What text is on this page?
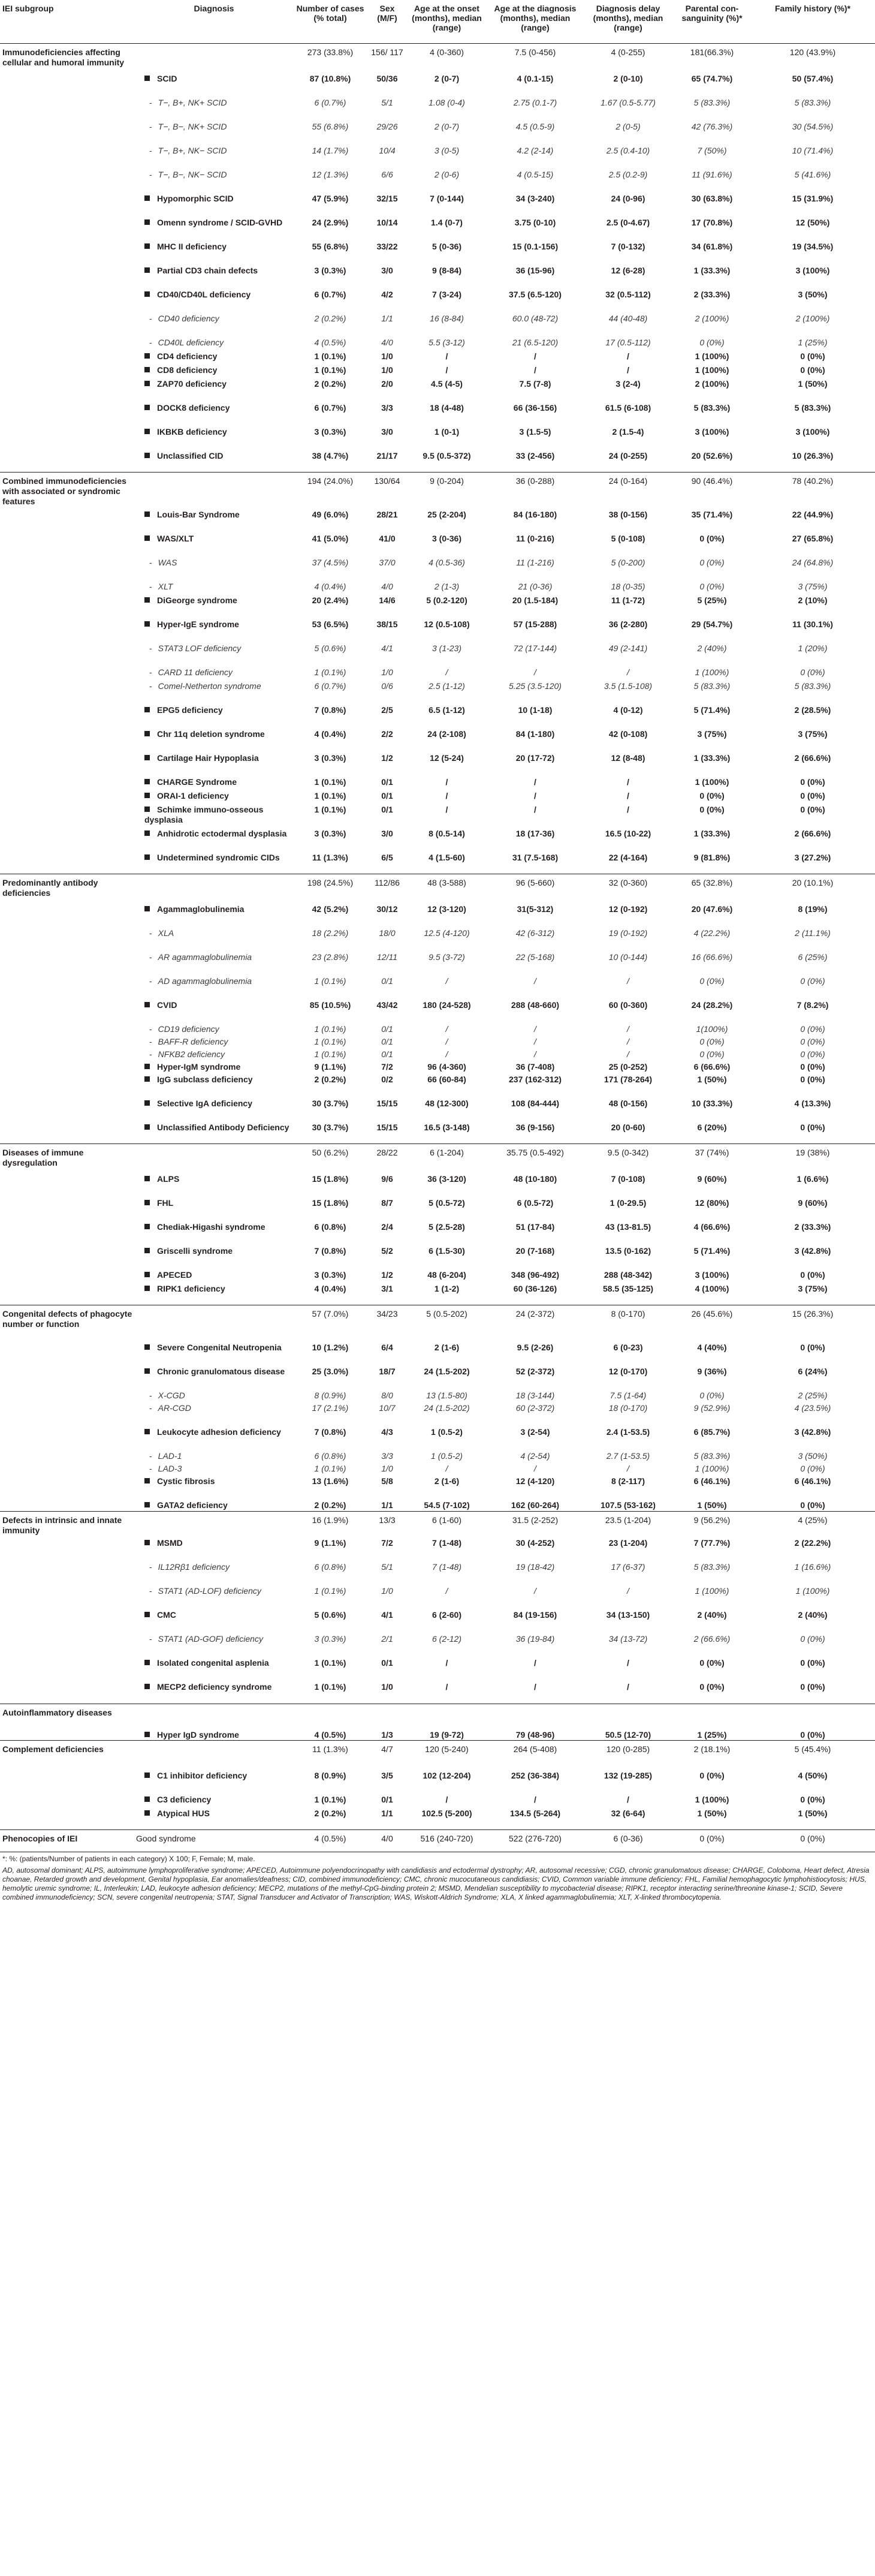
IEI subgroup	Diagnosis	Number of cases (% total)	Sex (M/F)	Age at the onset (months), median (range)	Age at the diagnosis (months), median (range)	Diagnosis delay (months), median (range)	Parental con-sanguinity (%)*	Family history (%)*
Immunodeficiencies affecting cellular and humoral immunity		273 (33.8%)	156/ 117	4 (0-360)	7.5 (0-456)	4 (0-255)	181(66.3%)	120 (43.9%)
	SCID	87 (10.8%)	50/36	2 (0-7)	4 (0.1-15)	2 (0-10)	65 (74.7%)	50 (57.4%)
	- T−, B+, NK+ SCID	6 (0.7%)	5/1	1.08 (0-4)	2.75 (0.1-7)	1.67 (0.5-5.77)	5 (83.3%)	5 (83.3%)
	- T−, B−, NK+ SCID	55 (6.8%)	29/26	2 (0-7)	4.5 (0.5-9)	2 (0-5)	42 (76.3%)	30 (54.5%)
	- T−, B+, NK− SCID	14 (1.7%)	10/4	3 (0-5)	4.2 (2-14)	2.5 (0.4-10)	7 (50%)	10 (71.4%)
	- T−, B−, NK− SCID	12 (1.3%)	6/6	2 (0-6)	4 (0.5-15)	2.5 (0.2-9)	11 (91.6%)	5 (41.6%)
	Hypomorphic SCID	47 (5.9%)	32/15	7 (0-144)	34 (3-240)	24 (0-96)	30 (63.8%)	15 (31.9%)
	Omenn syndrome / SCID-GVHD	24 (2.9%)	10/14	1.4 (0-7)	3.75 (0-10)	2.5 (0-4.67)	17 (70.8%)	12 (50%)
	MHC II deficiency	55 (6.8%)	33/22	5 (0-36)	15 (0.1-156)	7 (0-132)	34 (61.8%)	19 (34.5%)
	Partial CD3 chain defects	3 (0.3%)	3/0	9 (8-84)	36 (15-96)	12 (6-28)	1 (33.3%)	3 (100%)
	CD40/CD40L deficiency	6 (0.7%)	4/2	7 (3-24)	37.5 (6.5-120)	32 (0.5-112)	2 (33.3%)	3 (50%)
	- CD40 deficiency	2 (0.2%)	1/1	16 (8-84)	60.0 (48-72)	44 (40-48)	2 (100%)	2 (100%)
	- CD40L deficiency	4 (0.5%)	4/0	5.5 (3-12)	21 (6.5-120)	17 (0.5-112)	0 (0%)	1 (25%)
	CD4 deficiency	1 (0.1%)	1/0	/	/	/	1 (100%)	0 (0%)
	CD8 deficiency	1 (0.1%)	1/0	/	/	/	1 (100%)	0 (0%)
	ZAP70 deficiency	2 (0.2%)	2/0	4.5 (4-5)	7.5 (7-8)	3 (2-4)	2 (100%)	1 (50%)
	DOCK8 deficiency	6 (0.7%)	3/3	18 (4-48)	66 (36-156)	61.5 (6-108)	5 (83.3%)	5 (83.3%)
	IKBKB deficiency	3 (0.3%)	3/0	1 (0-1)	3 (1.5-5)	2 (1.5-4)	3 (100%)	3 (100%)
	Unclassified CID	38 (4.7%)	21/17	9.5 (0.5-372)	33 (2-456)	24 (0-255)	20 (52.6%)	10 (26.3%)
Combined immunodeficiencies with associated or syndromic features		194 (24.0%)	130/64	9 (0-204)	36 (0-288)	24 (0-164)	90 (46.4%)	78 (40.2%)
	Louis-Bar Syndrome	49 (6.0%)	28/21	25 (2-204)	84 (16-180)	38 (0-156)	35 (71.4%)	22 (44.9%)
	WAS/XLT	41 (5.0%)	41/0	3 (0-36)	11 (0-216)	5 (0-108)	0 (0%)	27 (65.8%)
	- WAS	37 (4.5%)	37/0	4 (0.5-36)	11 (1-216)	5 (0-200)	0 (0%)	24 (64.8%)
	- XLT	4 (0.4%)	4/0	2 (1-3)	21 (0-36)	18 (0-35)	0 (0%)	3 (75%)
	DiGeorge syndrome	20 (2.4%)	14/6	5 (0.2-120)	20 (1.5-184)	11 (1-72)	5 (25%)	2 (10%)
	Hyper-IgE syndrome	53 (6.5%)	38/15	12 (0.5-108)	57 (15-288)	36 (2-280)	29 (54.7%)	11 (30.1%)
	- STAT3 LOF deficiency	5 (0.6%)	4/1	3 (1-23)	72 (17-144)	49 (2-141)	2 (40%)	1 (20%)
	- CARD 11 deficiency	1 (0.1%)	1/0	/	/	/	1 (100%)	0 (0%)
	- Comel-Netherton syndrome	6 (0.7%)	0/6	2.5 (1-12)	5.25 (3.5-120)	3.5 (1.5-108)	5 (83.3%)	5 (83.3%)
	EPG5 deficiency	7 (0.8%)	2/5	6.5 (1-12)	10 (1-18)	4 (0-12)	5 (71.4%)	2 (28.5%)
	Chr 11q deletion syndrome	4 (0.4%)	2/2	24 (2-108)	84 (1-180)	42 (0-108)	3 (75%)	3 (75%)
	Cartilage Hair Hypoplasia	3 (0.3%)	1/2	12 (5-24)	20 (17-72)	12 (8-48)	1 (33.3%)	2 (66.6%)
	CHARGE Syndrome	1 (0.1%)	0/1	/	/	/	1 (100%)	0 (0%)
	ORAI-1 deficiency	1 (0.1%)	0/1	/	/	/	0 (0%)	0 (0%)
	Schimke immuno-osseous dysplasia	1 (0.1%)	0/1	/	/	/	0 (0%)	0 (0%)
	Anhidrotic ectodermal dysplasia	3 (0.3%)	3/0	8 (0.5-14)	18 (17-36)	16.5 (10-22)	1 (33.3%)	2 (66.6%)
	Undetermined syndromic CIDs	11 (1.3%)	6/5	4 (1.5-60)	31 (7.5-168)	22 (4-164)	9 (81.8%)	3 (27.2%)
Predominantly antibody deficiencies		198 (24.5%)	112/86	48 (3-588)	96 (5-660)	32 (0-360)	65 (32.8%)	20 (10.1%)
	Agammaglobulinemia	42 (5.2%)	30/12	12 (3-120)	31(5-312)	12 (0-192)	20 (47.6%)	8 (19%)
	- XLA	18 (2.2%)	18/0	12.5 (4-120)	42 (6-312)	19 (0-192)	4 (22.2%)	2 (11.1%)
	- AR agammaglobulinemia	23 (2.8%)	12/11	9.5 (3-72)	22 (5-168)	10 (0-144)	16 (66.6%)	6 (25%)
	- AD agammaglobulinemia	1 (0.1%)	0/1	/	/	/	0 (0%)	0 (0%)
	CVID	85 (10.5%)	43/42	180 (24-528)	288 (48-660)	60 (0-360)	24 (28.2%)	7 (8.2%)
	- CD19 deficiency	1 (0.1%)	0/1	/	/	/	1(100%)	0 (0%)
	- BAFF-R deficiency	1 (0.1%)	0/1	/	/	/	0 (0%)	0 (0%)
	- NFKB2 deficiency	1 (0.1%)	0/1	/	/	/	0 (0%)	0 (0%)
	Hyper-IgM syndrome	9 (1.1%)	7/2	96 (4-360)	36 (7-408)	25 (0-252)	6 (66.6%)	0 (0%)
	IgG subclass deficiency	2 (0.2%)	0/2	66 (60-84)	237 (162-312)	171 (78-264)	1 (50%)	0 (0%)
	Selective IgA deficiency	30 (3.7%)	15/15	48 (12-300)	108 (84-444)	48 (0-156)	10 (33.3%)	4 (13.3%)
	Unclassified Antibody Deficiency	30 (3.7%)	15/15	16.5 (3-148)	36 (9-156)	20 (0-60)	6 (20%)	0 (0%)
Diseases of immune dysregulation		50 (6.2%)	28/22	6 (1-204)	35.75 (0.5-492)	9.5 (0-342)	37 (74%)	19 (38%)
	ALPS	15 (1.8%)	9/6	36 (3-120)	48 (10-180)	7 (0-108)	9 (60%)	1 (6.6%)
	FHL	15 (1.8%)	8/7	5 (0.5-72)	6 (0.5-72)	1 (0-29.5)	12 (80%)	9 (60%)
	Chediak-Higashi syndrome	6 (0.8%)	2/4	5 (2.5-28)	51 (17-84)	43 (13-81.5)	4 (66.6%)	2 (33.3%)
	Griscelli syndrome	7 (0.8%)	5/2	6 (1.5-30)	20 (7-168)	13.5 (0-162)	5 (71.4%)	3 (42.8%)
	APECED	3 (0.3%)	1/2	48 (6-204)	348 (96-492)	288 (48-342)	3 (100%)	0 (0%)
	RIPK1 deficiency	4 (0.4%)	3/1	1 (1-2)	60 (36-126)	58.5 (35-125)	4 (100%)	3 (75%)
Congenital defects of phagocyte number or function		57 (7.0%)	34/23	5 (0.5-202)	24 (2-372)	8 (0-170)	26 (45.6%)	15 (26.3%)
	Severe Congenital Neutropenia	10 (1.2%)	6/4	2 (1-6)	9.5 (2-26)	6 (0-23)	4 (40%)	0 (0%)
	Chronic granulomatous disease	25 (3.0%)	18/7	24 (1.5-202)	52 (2-372)	12 (0-170)	9 (36%)	6 (24%)
	- X-CGD	8 (0.9%)	8/0	13 (1.5-80)	18 (3-144)	7.5 (1-64)	0 (0%)	2 (25%)
	- AR-CGD	17 (2.1%)	10/7	24 (1.5-202)	60 (2-372)	18 (0-170)	9 (52.9%)	4 (23.5%)
	Leukocyte adhesion deficiency	7 (0.8%)	4/3	1 (0.5-2)	3 (2-54)	2.4 (1-53.5)	6 (85.7%)	3 (42.8%)
	- LAD-1	6 (0.8%)	3/3	1 (0.5-2)	4 (2-54)	2.7 (1-53.5)	5 (83.3%)	3 (50%)
	- LAD-3	1 (0.1%)	1/0	/	/	/	1 (100%)	0 (0%)
	Cystic fibrosis	13 (1.6%)	5/8	2 (1-6)	12 (4-120)	8 (2-117)	6 (46.1%)	6 (46.1%)
	GATA2 deficiency	2 (0.2%)	1/1	54.5 (7-102)	162 (60-264)	107.5 (53-162)	1 (50%)	0 (0%)
Defects in intrinsic and innate immunity		16 (1.9%)	13/3	6 (1-60)	31.5 (2-252)	23.5 (1-204)	9 (56.2%)	4 (25%)
	MSMD	9 (1.1%)	7/2	7 (1-48)	30 (4-252)	23 (1-204)	7 (77.7%)	2 (22.2%)
	- IL12Rβ1 deficiency	6 (0.8%)	5/1	7 (1-48)	19 (18-42)	17 (6-37)	5 (83.3%)	1 (16.6%)
	- STAT1 (AD-LOF) deficiency	1 (0.1%)	1/0	/	/	/	1 (100%)	1 (100%)
	CMC	5 (0.6%)	4/1	6 (2-60)	84 (19-156)	34 (13-150)	2 (40%)	2 (40%)
	- STAT1 (AD-GOF) deficiency	3 (0.3%)	2/1	6 (2-12)	36 (19-84)	34 (13-72)	2 (66.6%)	0 (0%)
	Isolated congenital asplenia	1 (0.1%)	0/1	/	/	/	0 (0%)	0 (0%)
	MECP2 deficiency syndrome	1 (0.1%)	1/0	/	/	/	0 (0%)	0 (0%)
Autoinflammatory diseases								
	Hyper IgD syndrome	4 (0.5%)	1/3	19 (9-72)	79 (48-96)	50.5 (12-70)	1 (25%)	0 (0%)
Complement deficiencies		11 (1.3%)	4/7	120 (5-240)	264 (5-408)	120 (0-285)	2 (18.1%)	5 (45.4%)
	C1 inhibitor deficiency	8 (0.9%)	3/5	102 (12-204)	252 (36-384)	132 (19-285)	0 (0%)	4 (50%)
	C3 deficiency	1 (0.1%)	0/1	/	/	/	1 (100%)	0 (0%)
	Atypical HUS	2 (0.2%)	1/1	102.5 (5-200)	134.5 (5-264)	32 (6-64)	1 (50%)	1 (50%)
Phenocopies of IEI	Good syndrome	4 (0.5%)	4/0	516 (240-720)	522 (276-720)	6 (0-36)	0 (0%)	0 (0%)

*: %: (patients/Number of patients in each category) X 100; F, Female; M, male.

AD, autosomal dominant; ALPS, autoimmune lymphoproliferative syndrome; APECED, Autoimmune polyendocrinopathy with candidiasis and ectodermal dystrophy; AR, autosomal recessive; CGD, chronic granulomatous disease; CHARGE, Coloboma, Heart defect, Atresia choanae, Retarded growth and development, Genital hypoplasia, Ear anomalies/deafness; CID, combined immunodeficiency; CMC, chronic mucocutaneous candidiasis; CVID, Common variable immune deficiency; FHL, Familial hemophagocytic lymphohistiocytosis; HUS, hemolytic uremic syndrome; IL, Interleukin; LAD, leukocyte adhesion deficiency; MECP2, mutations of the methyl-CpG-binding protein 2; MSMD, Mendelian susceptibility to mycobacterial disease; RIPK1, receptor interacting serine/threonine kinase-1; SCID, Severe combined immunodeficiency; SCN, severe congenital neutropenia; STAT, Signal Transducer and Activator of Transcription; WAS, Wiskott-Aldrich Syndrome; XLA, X linked agammaglobulinemia; XLT, X-linked thrombocytopenia.
